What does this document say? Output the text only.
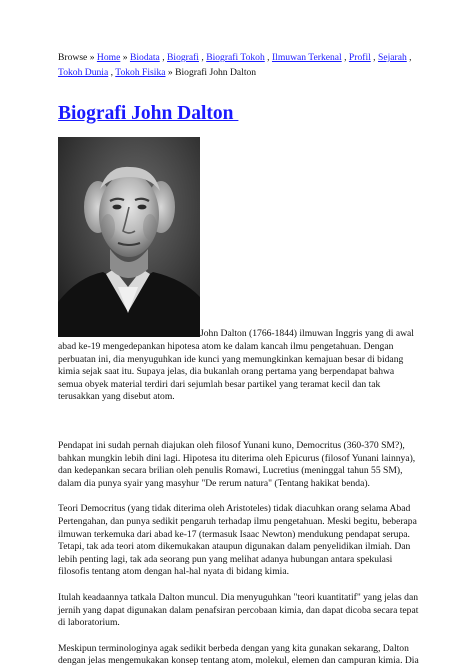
Browse » Home » Biodata , Biografi , Biografi Tokoh , Ilmuwan Terkenal , Profil , Sejarah ,
Tokoh Dunia , Tokoh Fisika » Biografi John Dalton
Biografi John Dalton
John Dalton (1766-1844) ilmuwan Inggris yang di awal
abad ke-19 mengedepankan hipotesa atom ke dalam kancah ilmu pengetahuan. Dengan
perbuatan ini, dia menyuguhkan ide kunci yang memungkinkan kemajuan besar di bidang
kimia sejak saat itu. Supaya jelas, dia bukanlah orang pertama yang berpendapat bahwa
semua obyek material terdiri dari sejumlah besar partikel yang teramat kecil dan tak
terusakkan yang disebut atom.
Pendapat ini sudah pernah diajukan oleh filosof Yunani kuno, Democritus (360-370 SM?),
bahkan mungkin lebih dini lagi. Hipotesa itu diterima oleh Epicurus (filosof Yunani lainnya),
dan kedepankan secara brilian oleh penulis Romawi, Lucretius (meninggal tahun 55 SM),
dalam dia punya syair yang masyhur "De rerum natura" (Tentang hakikat benda).
Teori Democritus (yang tidak diterima oleh Aristoteles) tidak diacuhkan orang selama Abad
Pertengahan, dan punya sedikit pengaruh terhadap ilmu pengetahuan. Meski begitu, beberapa
ilmuwan terkemuka dari abad ke-17 (termasuk Isaac Newton) mendukung pendapat serupa.
Tetapi, tak ada teori atom dikemukakan ataupun digunakan dalam penyelidikan ilmiah. Dan
lebih penting lagi, tak ada seorang pun yang melihat adanya hubungan antara spekulasi
filosofis tentang atom dengan hal-hal nyata di bidang kimia.
Itulah keadaannya tatkala Dalton muncul. Dia menyuguhkan "teori kuantitatif" yang jelas dan
jernih yang dapat digunakan dalam penafsiran percobaan kimia, dan dapat dicoba secara tepat
di laboratorium.
Meskipun terminologinya agak sedikit berbeda dengan yang kita gunakan sekarang, Dalton
dengan jelas mengemukakan konsep tentang atom, molekul, elemen dan campuran kimia. Dia
